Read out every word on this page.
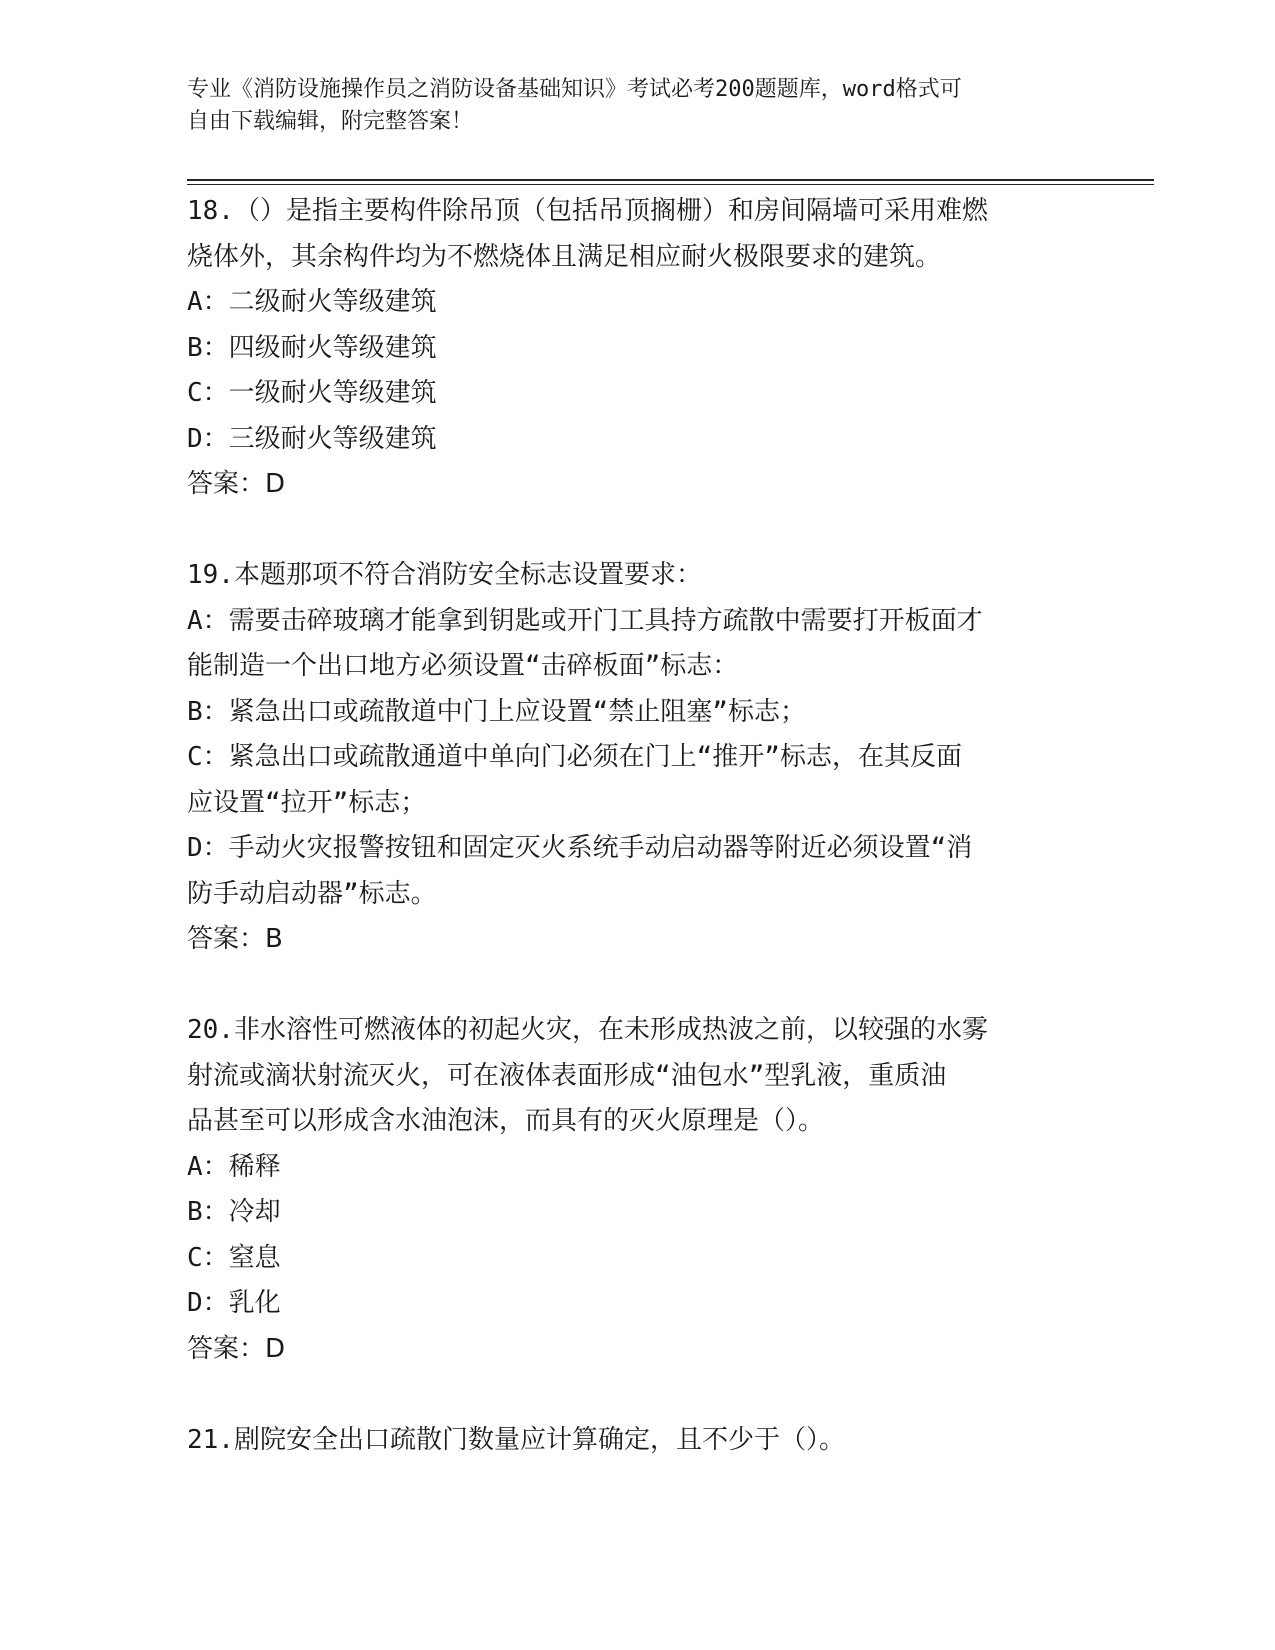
专业《消防设施操作员之消防设备基础知识》考试必考200题题库，word格式可
自由下载编辑，附完整答案！
18.（）是指主要构件除吊顶（包括吊顶搁栅）和房间隔墙可采用难燃
烧体外，其余构件均为不燃烧体且满足相应耐火极限要求的建筑。
A：二级耐火等级建筑
B：四级耐火等级建筑
C：一级耐火等级建筑
D：三级耐火等级建筑
答案：D
19.本题那项不符合消防安全标志设置要求：
A：需要击碎玻璃才能拿到钥匙或开门工具持方疏散中需要打开板面才
能制造一个出口地方必须设置“击碎板面”标志：
B：紧急出口或疏散道中门上应设置“禁止阻塞”标志；
C：紧急出口或疏散通道中单向门必须在门上“推开”标志，在其反面
应设置“拉开”标志；
D：手动火灾报警按钮和固定灭火系统手动启动器等附近必须设置“消
防手动启动器”标志。
答案：B
20.非水溶性可燃液体的初起火灾，在未形成热波之前，以较强的水雾
射流或滴状射流灭火，可在液体表面形成“油包水”型乳液，重质油
品甚至可以形成含水油泡沫，而具有的灭火原理是（）。
A：稀释
B：冷却
C：窒息
D：乳化
答案：D
21.剧院安全出口疏散门数量应计算确定，且不少于（）。
